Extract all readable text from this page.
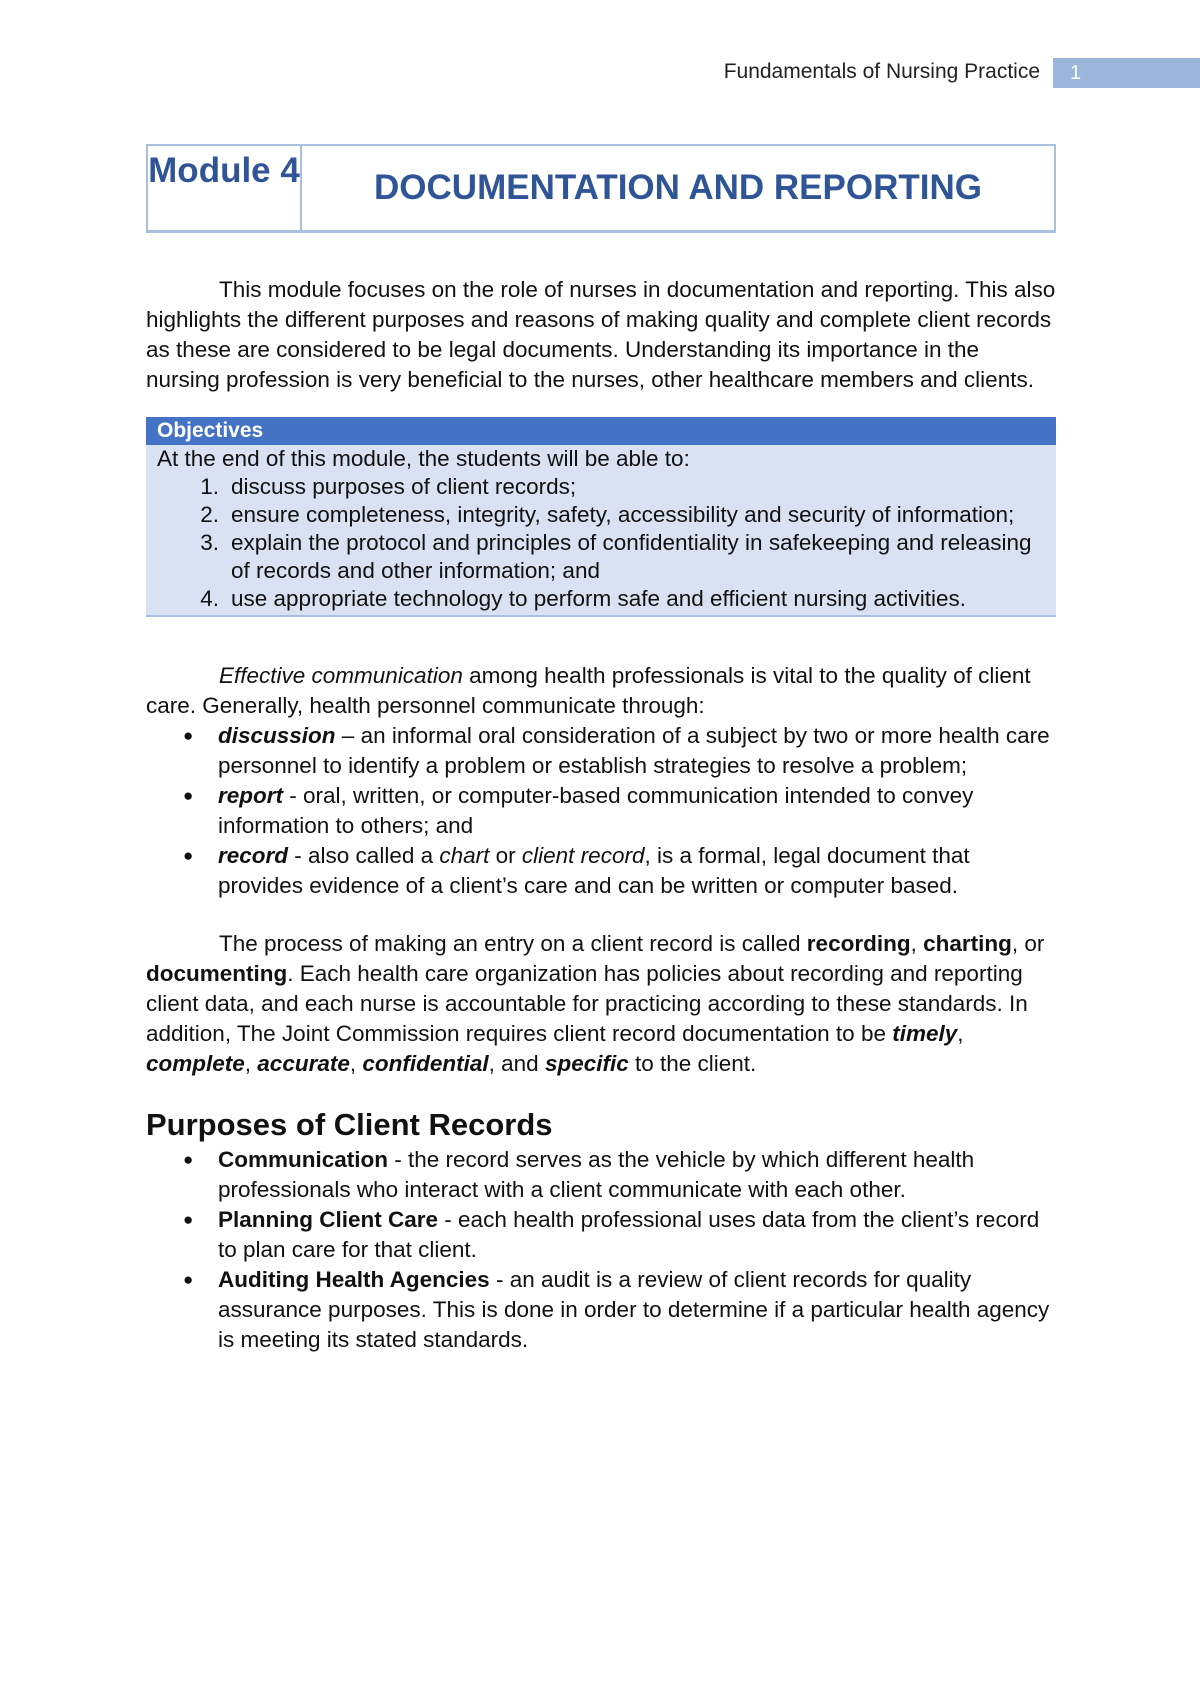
Fundamentals of Nursing Practice	1
Module 4	DOCUMENTATION AND REPORTING

This module focuses on the role of nurses in documentation and reporting. This also highlights the different purposes and reasons of making quality and complete client records as these are considered to be legal documents. Understanding its importance in the nursing profession is very beneficial to the nurses, other healthcare members and clients.

Objectives
At the end of this module, the students will be able to:
1. discuss purposes of client records;
2. ensure completeness, integrity, safety, accessibility and security of information;
3. explain the protocol and principles of confidentiality in safekeeping and releasing of records and other information; and
4. use appropriate technology to perform safe and efficient nursing activities.

Effective communication among health professionals is vital to the quality of client care. Generally, health personnel communicate through:

●	discussion – an informal oral consideration of a subject by two or more health care personnel to identify a problem or establish strategies to resolve a problem;
●	report - oral, written, or computer-based communication intended to convey information to others; and
●	record - also called a chart or client record, is a formal, legal document that provides evidence of a client’s care and can be written or computer based.

The process of making an entry on a client record is called recording, charting, or documenting. Each health care organization has policies about recording and reporting client data, and each nurse is accountable for practicing according to these standards. In addition, The Joint Commission requires client record documentation to be timely, complete, accurate, confidential, and specific to the client.

Purposes of Client Records
●	Communication - the record serves as the vehicle by which different health professionals who interact with a client communicate with each other.
●	Planning Client Care - each health professional uses data from the client’s record to plan care for that client.
●	Auditing Health Agencies - an audit is a review of client records for quality assurance purposes. This is done in order to determine if a particular health agency is meeting its stated standards.
